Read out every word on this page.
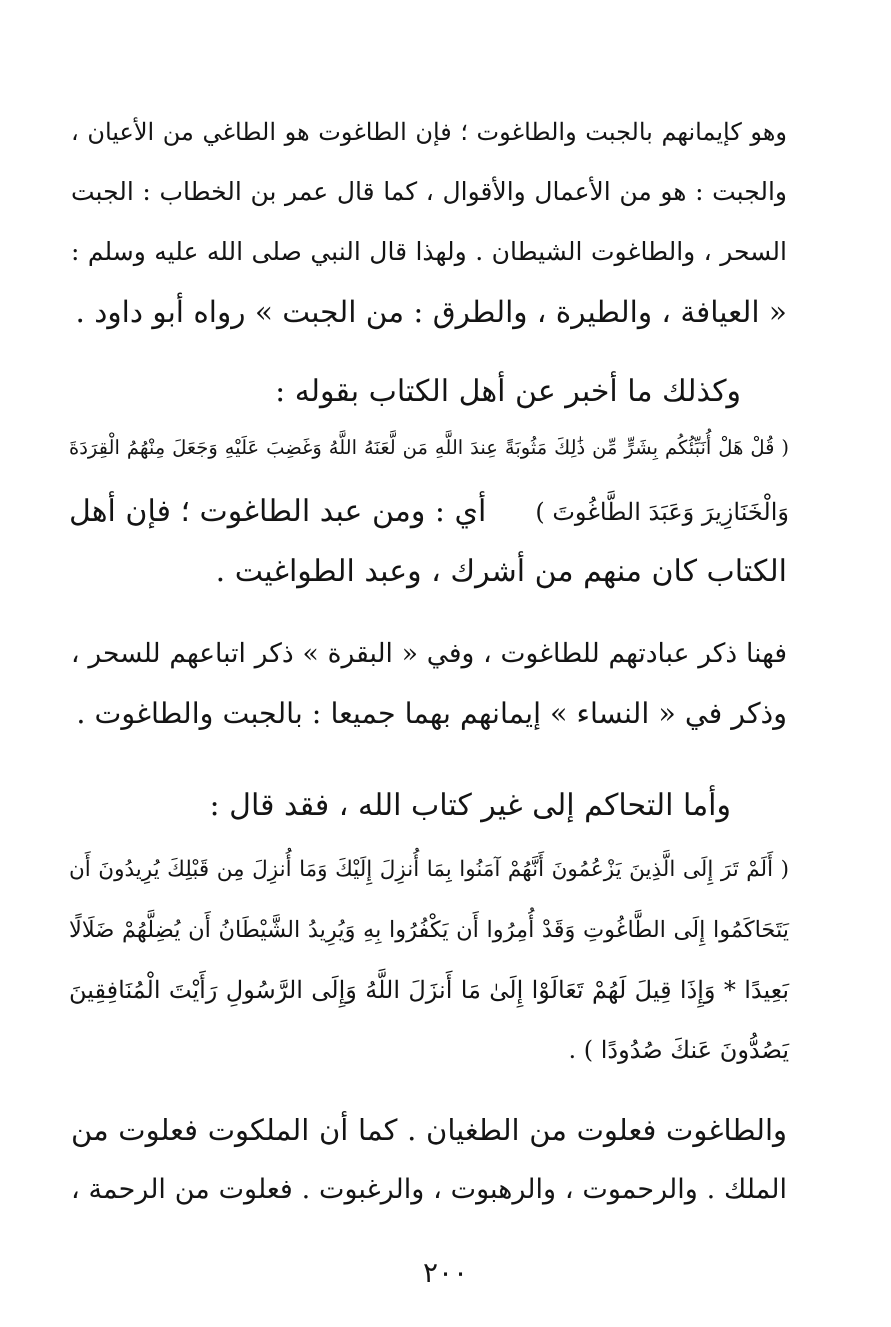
وهو كإيمانهم بالجبت والطاغوت ؛ فإن الطاغوت هو الطاغي من الأعيان ،
والجبت : هو من الأعمال والأقوال ، كما قال عمر بن الخطاب : الجبت
السحر ، والطاغوت الشيطان . ولهذا قال النبي صلى الله عليه وسلم :
« العيافة ، والطيرة ، والطرق : من الجبت » رواه أبو داود .
وكذلك ما أخبر عن أهل الكتاب بقوله :
( قُلْ هَلْ أُنَبِّئُكُم بِشَرٍّ مِّن ذَٰلِكَ مَثُوبَةً عِندَ اللَّهِ مَن لَّعَنَهُ اللَّهُ وَغَضِبَ عَلَيْهِ وَجَعَلَ مِنْهُمُ الْقِرَدَةَ
وَالْخَنَازِيرَ وَعَبَدَ الطَّاغُوتَ )
أي : ومن عبد الطاغوت ؛ فإن أهل
الكتاب كان منهم من أشرك ، وعبد الطواغيت .
فهنا ذكر عبادتهم للطاغوت ، وفي « البقرة » ذكر اتباعهم للسحر ،
وذكر في « النساء » إيمانهم بهما جميعا : بالجبت والطاغوت .
وأما التحاكم إلى غير كتاب الله ، فقد قال :
( أَلَمْ تَرَ إِلَى الَّذِينَ يَزْعُمُونَ أَنَّهُمْ آمَنُوا بِمَا أُنزِلَ إِلَيْكَ وَمَا أُنزِلَ مِن قَبْلِكَ يُرِيدُونَ أَن
يَتَحَاكَمُوا إِلَى الطَّاغُوتِ وَقَدْ أُمِرُوا أَن يَكْفُرُوا بِهِ وَيُرِيدُ الشَّيْطَانُ أَن يُضِلَّهُمْ ضَلَالًا
بَعِيدًا * وَإِذَا قِيلَ لَهُمْ تَعَالَوْا إِلَىٰ مَا أَنزَلَ اللَّهُ وَإِلَى الرَّسُولِ رَأَيْتَ الْمُنَافِقِينَ
يَصُدُّونَ عَنكَ صُدُودًا ) .
والطاغوت فعلوت من الطغيان . كما أن الملكوت فعلوت من
الملك . والرحموت ، والرهبوت ، والرغبوت . فعلوت من الرحمة ،
٢٠٠
